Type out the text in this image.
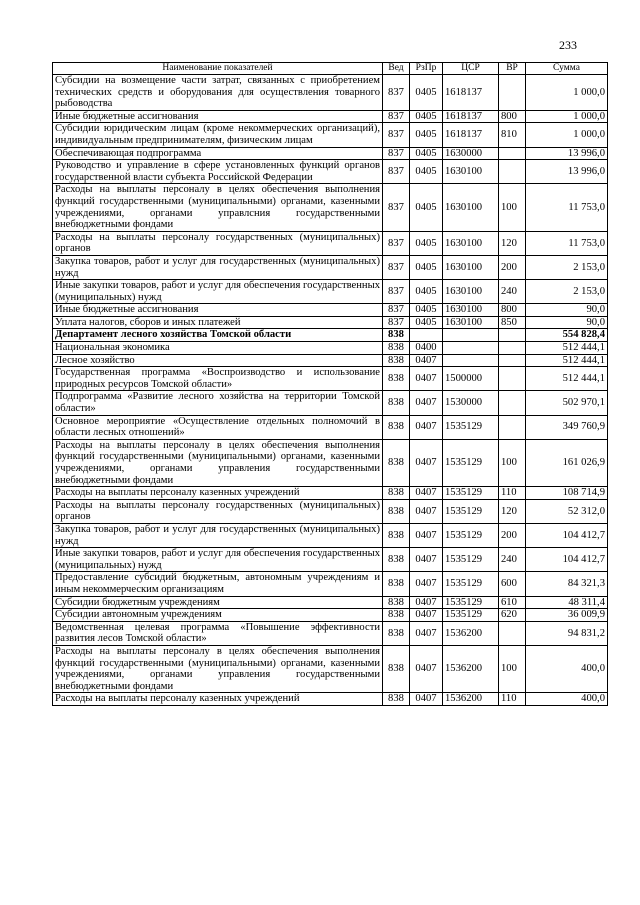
233
Наименование показателей	Вед	РзПр	ЦСР	ВР	Сумма
Субсидии на возмещение части затрат, связанных с приобретением технических средств и оборудования для осуществления товарного рыбоводства	837	0405	1618137		1 000,0
Иные бюджетные ассигнования	837	0405	1618137	800	1 000,0
Субсидии юридическим лицам (кроме некоммерческих организаций), индивидуальным предпринимателям, физическим лицам	837	0405	1618137	810	1 000,0
Обеспечивающая подпрограмма	837	0405	1630000		13 996,0
Руководство и управление в сфере установленных функций органов государственной власти субъекта Российской Федерации	837	0405	1630100		13 996,0
Расходы на выплаты персоналу в целях обеспечения выполнения функций государственными (муниципальными) органами, казенными учреждениями, органами управлсния государственными внебюджетными фондами	837	0405	1630100	100	11 753,0
Расходы на выплаты персоналу государственных (муниципальных) органов	837	0405	1630100	120	11 753,0
Закупка товаров, работ и услуг для государственных (муниципальных) нужд	837	0405	1630100	200	2 153,0
Иные закупки товаров, работ и услуг для обеспечения государственных (муниципальных) нужд	837	0405	1630100	240	2 153,0
Иные бюджетные ассигнования	837	0405	1630100	800	90,0
Уплата налогов, сборов и иных платежей	837	0405	1630100	850	90,0
Департамент лесного хозяйства Томской области	838				554 828,4
Национальная экономика	838	0400			512 444,1
Лесное хозяйство	838	0407			512 444,1
Государственная программа «Воспроизводство и использование природных ресурсов Томской области»	838	0407	1500000		512 444,1
Подпрограмма «Развитие лесного хозяйства на территории Томской области»	838	0407	1530000		502 970,1
Основное мероприятие «Осуществление отдельных полномочий в области лесных отношений»	838	0407	1535129		349 760,9
Расходы на выплаты персоналу в целях обеспечения выполнения функций государственными (муниципальными) органами, казенными учреждениями, органами управления государственными внебюджетными фондами	838	0407	1535129	100	161 026,9
Расходы на выплаты персоналу казенных учреждений	838	0407	1535129	110	108 714,9
Расходы на выплаты персоналу государственных (муниципальных) органов	838	0407	1535129	120	52 312,0
Закупка товаров, работ и услуг для государственных (муниципальных) нужд	838	0407	1535129	200	104 412,7
Иные закупки товаров, работ и услуг для обеспечения государственных (муниципальных) нужд	838	0407	1535129	240	104 412,7
Предоставление субсидий бюджетным, автономным учреждениям и иным некоммерческим организациям	838	0407	1535129	600	84 321,3
Субсидии бюджетным учреждениям	838	0407	1535129	610	48 311,4
Субсидии автономным учреждениям	838	0407	1535129	620	36 009,9
Ведомственная целевая программа «Повышение эффективности развития лесов Томской области»	838	0407	1536200		94 831,2
Расходы на выплаты персоналу в целях обеспечения выполнения функций государственными (муниципальными) органами, казенными учреждениями, органами управления государственными внебюджетными фондами	838	0407	1536200	100	400,0
Расходы на выплаты персоналу казенных учреждений	838	0407	1536200	110	400,0
